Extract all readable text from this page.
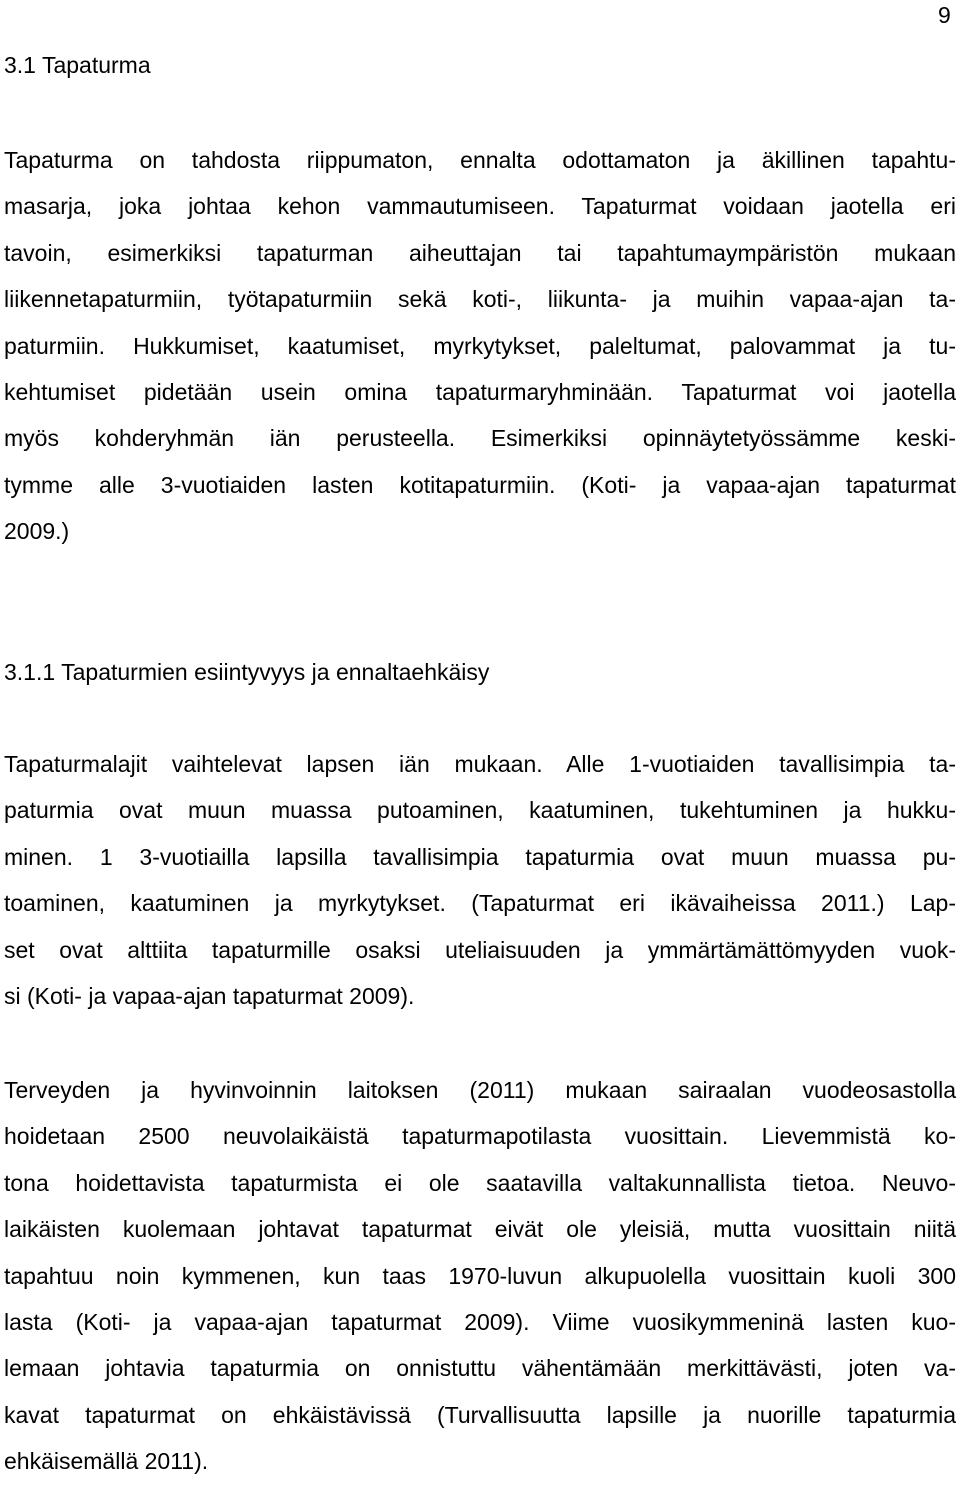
9
3.1 Tapaturma
Tapaturma on tahdosta riippumaton, ennalta odottamaton ja äkillinen tapahtu-
masarja, joka johtaa kehon vammautumiseen. Tapaturmat voidaan jaotella eri
tavoin, esimerkiksi tapaturman aiheuttajan tai tapahtumaympäristön mukaan
liikennetapaturmiin, työtapaturmiin sekä koti-, liikunta- ja muihin vapaa-ajan ta-
paturmiin. Hukkumiset, kaatumiset, myrkytykset, paleltumat, palovammat ja tu-
kehtumiset pidetään usein omina tapaturmaryhminään. Tapaturmat voi jaotella
myös kohderyhmän iän perusteella. Esimerkiksi opinnäytetyössämme keski-
tymme alle 3-vuotiaiden lasten kotitapaturmiin. (Koti- ja vapaa-ajan tapaturmat
2009.)
3.1.1 Tapaturmien esiintyvyys ja ennaltaehkäisy
Tapaturmalajit vaihtelevat lapsen iän mukaan. Alle 1-vuotiaiden tavallisimpia ta-
paturmia ovat muun muassa putoaminen, kaatuminen, tukehtuminen ja hukku-
minen. 1 3-vuotiailla lapsilla tavallisimpia tapaturmia ovat muun muassa pu-
toaminen, kaatuminen ja myrkytykset. (Tapaturmat eri ikävaiheissa 2011.) Lap-
set ovat alttiita tapaturmille osaksi uteliaisuuden ja ymmärtämättömyyden vuok-
si (Koti- ja vapaa-ajan tapaturmat 2009).
Terveyden ja hyvinvoinnin laitoksen (2011) mukaan sairaalan vuodeosastolla
hoidetaan 2500 neuvolaikäistä tapaturmapotilasta vuosittain. Lievemmistä ko-
tona hoidettavista tapaturmista ei ole saatavilla valtakunnallista tietoa. Neuvo-
laikäisten kuolemaan johtavat tapaturmat eivät ole yleisiä, mutta vuosittain niitä
tapahtuu noin kymmenen, kun taas 1970-luvun alkupuolella vuosittain kuoli 300
lasta (Koti- ja vapaa-ajan tapaturmat 2009). Viime vuosikymmeninä lasten kuo-
lemaan johtavia tapaturmia on onnistuttu vähentämään merkittävästi, joten va-
kavat tapaturmat on ehkäistävissä (Turvallisuutta lapsille ja nuorille tapaturmia
ehkäisemällä 2011).
